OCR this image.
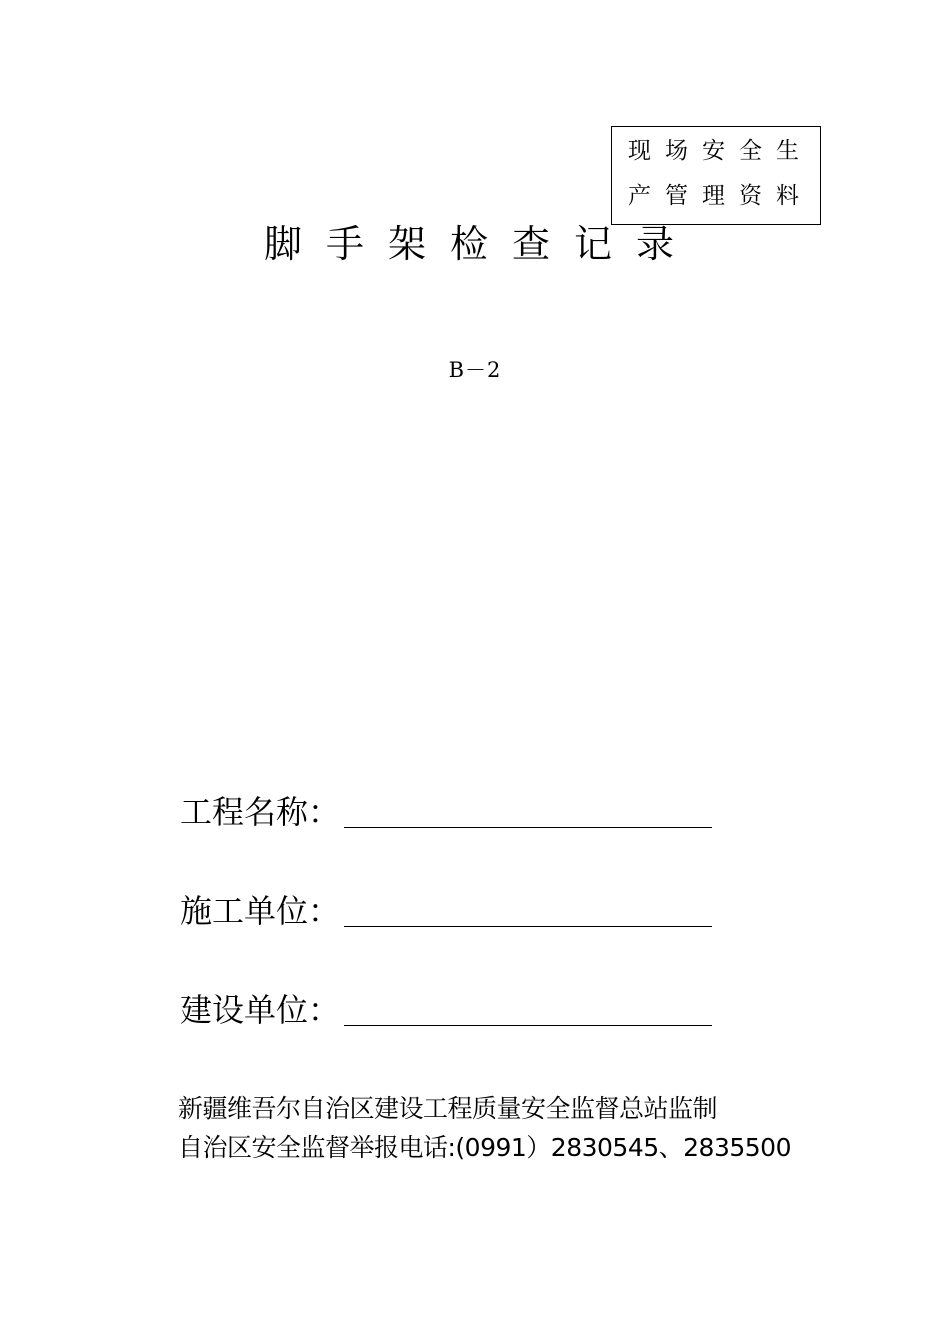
现场安全生
产管理资料
脚手架检查记录
B－2
工程名称：
施工单位：
建设单位：
新疆维吾尔自治区建设工程质量安全监督总站监制
自治区安全监督举报电话:(0991）2830545、2835500
